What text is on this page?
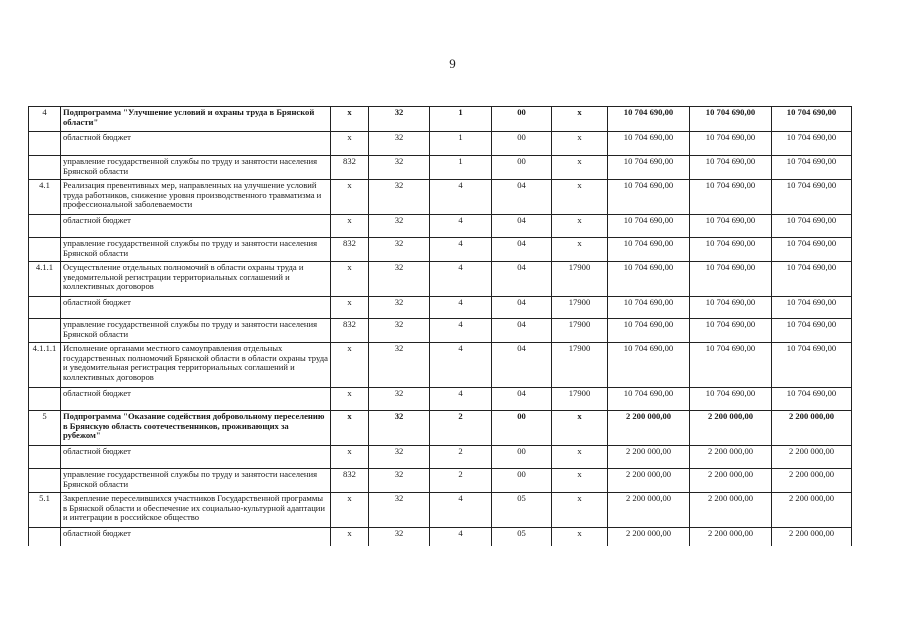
9
4	Подпрограмма "Улучшение условий и охраны труда в Брянской области"	x	32	1	00	x	10 704 690,00	10 704 690,00	10 704 690,00
	областной бюджет	x	32	1	00	x	10 704 690,00	10 704 690,00	10 704 690,00
	управление государственной службы по труду и занятости населения Брянской области	832	32	1	00	x	10 704 690,00	10 704 690,00	10 704 690,00
4.1	Реализация превентивных мер, направленных на улучшение условий труда работников, снижение уровня производственного травматизма и профессиональной заболеваемости	x	32	4	04	x	10 704 690,00	10 704 690,00	10 704 690,00
	областной бюджет	x	32	4	04	x	10 704 690,00	10 704 690,00	10 704 690,00
	управление государственной службы по труду и занятости населения Брянской области	832	32	4	04	x	10 704 690,00	10 704 690,00	10 704 690,00
4.1.1	Осуществление отдельных полномочий в области охраны труда и уведомительной регистрации территориальных соглашений и коллективных договоров	x	32	4	04	17900	10 704 690,00	10 704 690,00	10 704 690,00
	областной бюджет	x	32	4	04	17900	10 704 690,00	10 704 690,00	10 704 690,00
	управление государственной службы по труду и занятости населения Брянской области	832	32	4	04	17900	10 704 690,00	10 704 690,00	10 704 690,00
4.1.1.1	Исполнение органами местного самоуправления отдельных государственных полномочий Брянской области в области охраны труда и уведомительная регистрация территориальных соглашений и коллективных договоров	x	32	4	04	17900	10 704 690,00	10 704 690,00	10 704 690,00
	областной бюджет	x	32	4	04	17900	10 704 690,00	10 704 690,00	10 704 690,00
5	Подпрограмма "Оказание содействия добровольному переселению в Брянскую область соотечественников, проживающих за рубежом"	x	32	2	00	x	2 200 000,00	2 200 000,00	2 200 000,00
	областной бюджет	x	32	2	00	x	2 200 000,00	2 200 000,00	2 200 000,00
	управление государственной службы по труду и занятости населения Брянской области	832	32	2	00	x	2 200 000,00	2 200 000,00	2 200 000,00
5.1	Закрепление переселившихся участников Государственной программы в Брянской области и обеспечение их социально-культурной адаптации и интеграции в российское общество	x	32	4	05	x	2 200 000,00	2 200 000,00	2 200 000,00
	областной бюджет	x	32	4	05	x	2 200 000,00	2 200 000,00	2 200 000,00
